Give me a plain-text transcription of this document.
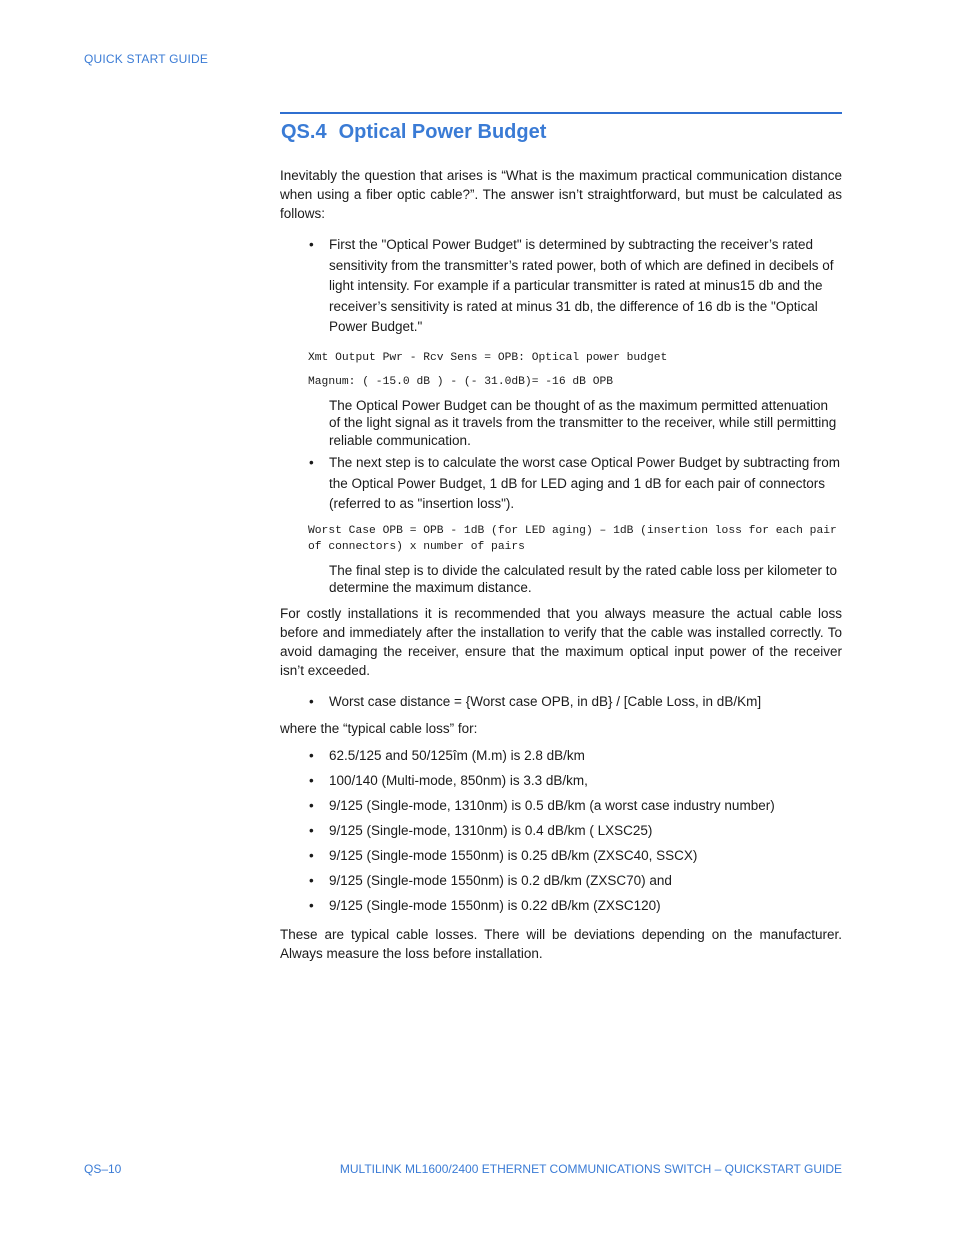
QUICK START GUIDE
QS.4 Optical Power Budget

Inevitably the question that arises is “What is the maximum practical communication distance when using a fiber optic cable?”. The answer isn’t straightforward, but must be calculated as follows:

• First the "Optical Power Budget" is determined by subtracting the receiver’s rated sensitivity from the transmitter’s rated power, both of which are defined in decibels of light intensity. For example if a particular transmitter is rated at minus15 db and the receiver’s sensitivity is rated at minus 31 db, the difference of 16 db is the "Optical Power Budget."

Xmt Output Pwr - Rcv Sens = OPB: Optical power budget

Magnum: ( -15.0 dB ) - (- 31.0dB)= -16 dB OPB

The Optical Power Budget can be thought of as the maximum permitted attenuation of the light signal as it travels from the transmitter to the receiver, while still permitting reliable communication.

• The next step is to calculate the worst case Optical Power Budget by subtracting from the Optical Power Budget, 1 dB for LED aging and 1 dB for each pair of connectors (referred to as "insertion loss").

Worst Case OPB = OPB - 1dB (for LED aging) – 1dB (insertion loss for each pair of connectors) x number of pairs

The final step is to divide the calculated result by the rated cable loss per kilometer to determine the maximum distance.

For costly installations it is recommended that you always measure the actual cable loss before and immediately after the installation to verify that the cable was installed correctly. To avoid damaging the receiver, ensure that the maximum optical input power of the receiver isn’t exceeded.

• Worst case distance = {Worst case OPB, in dB} / [Cable Loss, in dB/Km]

where the “typical cable loss” for:

• 62.5/125 and 50/125îm (M.m) is 2.8 dB/km
• 100/140 (Multi-mode, 850nm) is 3.3 dB/km,
• 9/125 (Single-mode, 1310nm) is 0.5 dB/km (a worst case industry number)
• 9/125 (Single-mode, 1310nm) is 0.4 dB/km ( LXSC25)
• 9/125 (Single-mode 1550nm) is 0.25 dB/km (ZXSC40, SSCX)
• 9/125 (Single-mode 1550nm) is 0.2 dB/km (ZXSC70) and
• 9/125 (Single-mode 1550nm) is 0.22 dB/km (ZXSC120)

These are typical cable losses. There will be deviations depending on the manufacturer. Always measure the loss before installation.

QS–10	MULTILINK ML1600/2400 ETHERNET COMMUNICATIONS SWITCH – QUICKSTART GUIDE
